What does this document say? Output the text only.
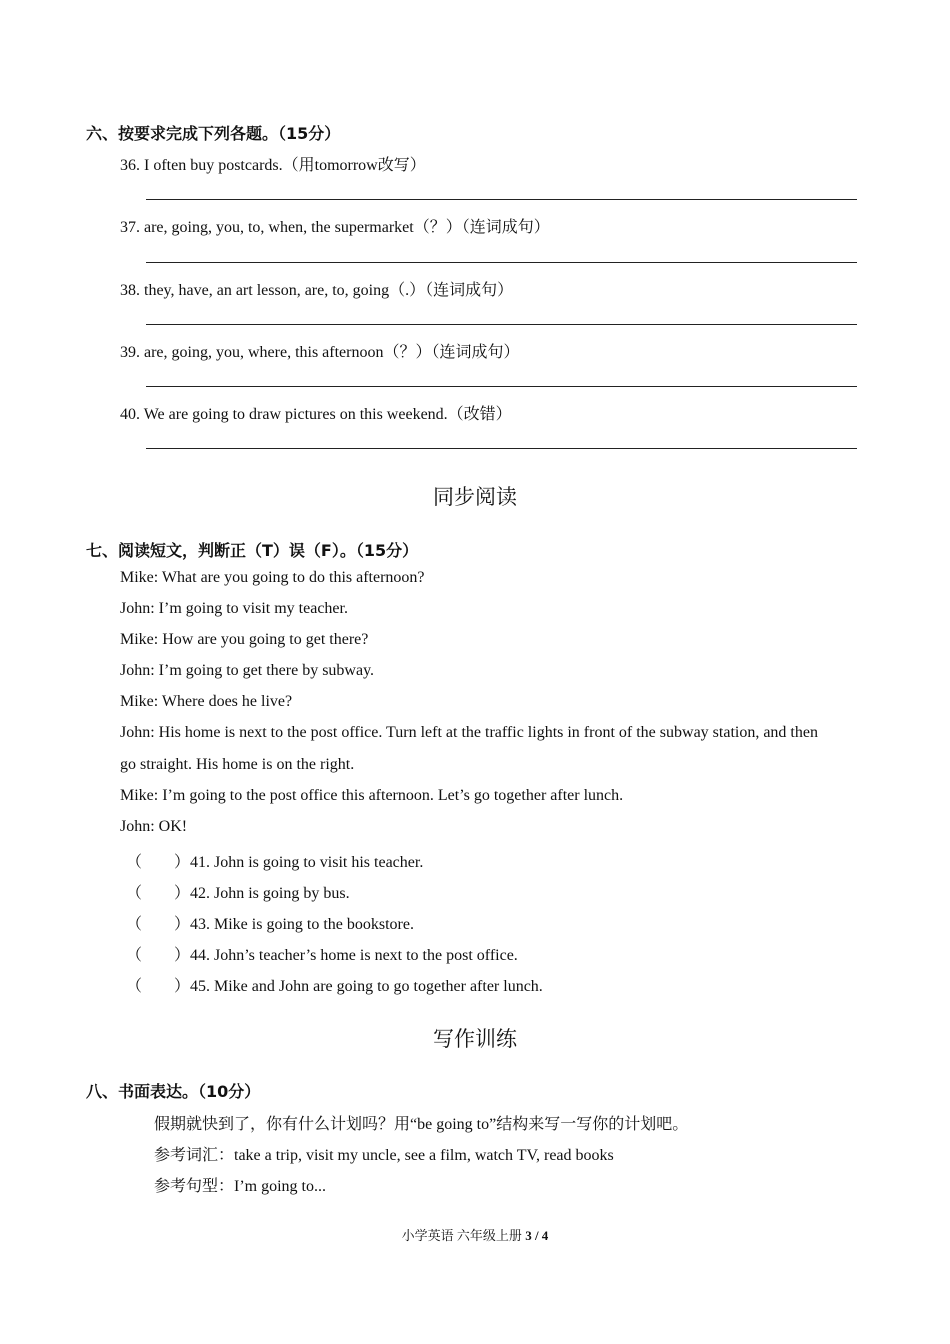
六、按要求完成下列各题。（15分）
36. I often buy postcards.（用tomorrow改写）
37. are, going, you, to, when, the supermarket（？）（连词成句）
38. they, have, an art lesson, are, to, going（.）（连词成句）
39. are, going, you, where, this afternoon（？）（连词成句）
40. We are going to draw pictures on this weekend.（改错）
同步阅读
七、阅读短文，判断正（T）误（F）。（15分）
Mike: What are you going to do this afternoon?
John: I’m going to visit my teacher.
Mike: How are you going to get there?
John: I’m going to get there by subway.
Mike: Where does he live?
John: His home is next to the post office. Turn left at the traffic lights in front of the subway station, and then
go straight. His home is on the right.
Mike: I’m going to the post office this afternoon. Let’s go together after lunch.
John: OK!
（ ）41. John is going to visit his teacher.
（ ）42. John is going by bus.
（ ）43. Mike is going to the bookstore.
（ ）44. John’s teacher’s home is next to the post office.
（ ）45. Mike and John are going to go together after lunch.
写作训练
八、书面表达。（10分）
假期就快到了，你有什么计划吗？用“be going to”结构来写一写你的计划吧。
参考词汇：take a trip, visit my uncle, see a film, watch TV, read books
参考句型：I’m going to...
小学英语 六年级上册 3 / 4
